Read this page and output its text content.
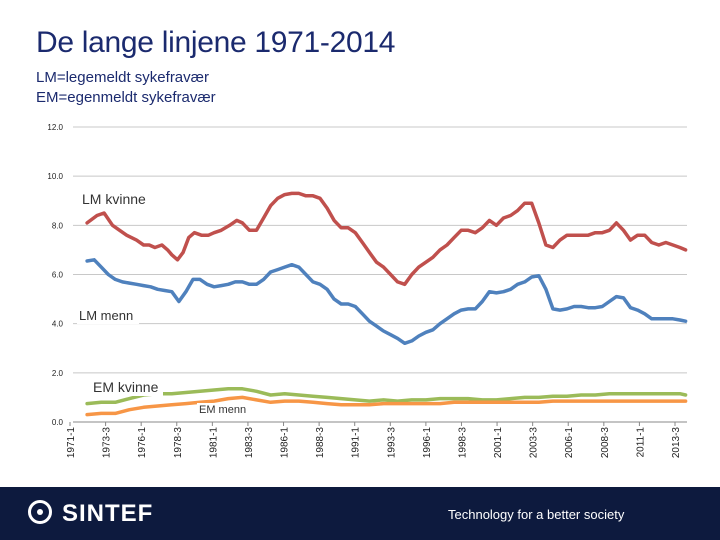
De lange linjene 1971-2014
LM=legemeldt sykefravær
EM=egenmeldt sykefravær
0.0
2.0
4.0
6.0
8.0
10.0
12.0
1971-1 1973-3 1976-1 1978-3 1981-1 1983-3 1986-1 1988-3 1991-1 1993-3 1996-1 1998-3 2001-1 2003-3 2006-1 2008-3 2011-1 2013-3
LM kvinne
LM menn
EM kvinne
EM menn
SINTEF	Technology for a better society
